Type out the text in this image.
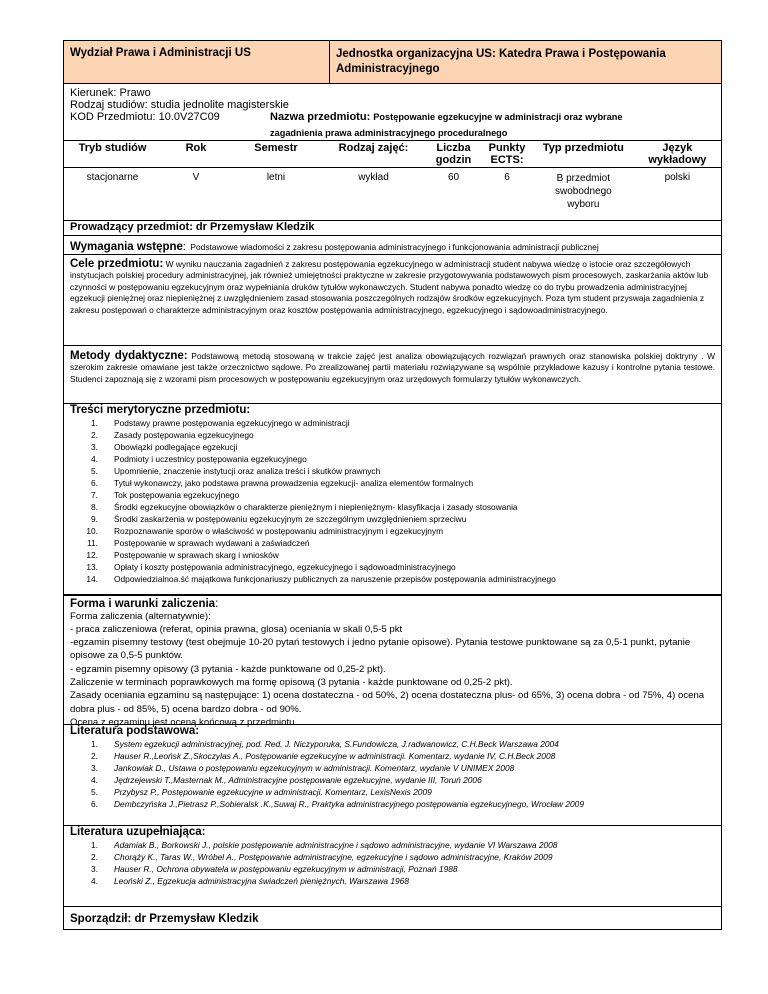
Wydział Prawa i Administracji US	Jednostka organizacyjna US: Katedra Prawa i Postępowania Administracyjnego
Kierunek: Prawo
Rodzaj studiów: studia jednolite magisterskie
KOD Przedmiotu: 10.0V27C09	Nazwa przedmiotu: Postępowanie egzekucyjne w administracji oraz wybrane
zagadnienia prawa administracyjnego proceduralnego
Tryb studiów	Rok	Semestr	Rodzaj zajęć:	Liczba godzin	Punkty ECTS:	Typ przedmiotu	Język wykładowy
stacjonarne	V	letni	wykład	60	6	B przedmiot swobodnego wyboru	polski
Prowadzący przedmiot: dr Przemysław Kledzik
Wymagania wstępne: Podstawowe wiadomości z zakresu postępowania administracyjnego i funkcjonowania administracji publicznej
Cele przedmiotu: W wyniku nauczania zagadnień z zakresu postępowania egzekucyjnego w administracji student nabywa wiedzę o istocie oraz szczegółowych instytucjach polskiej procedury administracyjnej, jak również umiejętności praktyczne w zakresie przygotowywania podstawowych pism procesowych, zaskarżania aktów lub czynności w postępowaniu egzekucyjnym oraz wypełniania druków tytułów wykonawczych. Student nabywa ponadto wiedzę co do trybu prowadzenia administracyjnej egzekucji pieniężnej oraz niepieniężnej z uwzględnieniem zasad stosowania poszczególnych rodzajów środków egzekucyjnych. Poza tym student przyswaja zagadnienia z zakresu postępowań o charakterze administracyjnym oraz kosztów postępowania administracyjnego, egzekucyjnego i sądowoadministracyjnego.
Metody dydaktyczne: Podstawową metodą stosowaną w trakcie zajęć jest analiza obowiązujących rozwiązań prawnych oraz stanowiska polskiej doktryny . W szerokim zakresie omawiane jest także orzecznictwo sądowe. Po zrealizowanej partii materiału rozwiązywane są wspólnie przykładowe kazusy i kontrolne pytania testowe. Studenci zapoznają się z wzorami pism procesowych w postępowaniu egzekucyjnym oraz urzędowych formularzy tytułów wykonawczych.
Treści merytoryczne przedmiotu:
1.	Podstawy prawne postępowania egzekucyjnego w administracji
2.	Zasady postępowania egzekucyjnego
3.	Obowiązki podlegające egzekucji
4.	Podmioty i uczestnicy postępowania egzekucyjnego
5.	Upomnienie, znaczenie instytucji oraz analiza treści i skutków prawnych
6.	Tytuł wykonawczy, jako podstawa prawna prowadzenia egzekucji- analiza elementów formalnych
7.	Tok postępowania egzekucyjnego
8.	Środki egzekucyjne obowiązków o charakterze pieniężnym i niepieniężnym- klasyfikacja i zasady stosowania
9.	Środki zaskarżenia w postępowaniu egzekucyjnym ze szczególnym uwzględnieniem sprzeciwu
10.	Rozpoznawanie sporów o właściwość w postępowaniu administracyjnym i egzekucyjnym
11.	Postępowanie w sprawach wydawani a zaświadczeń
12.	Postępowanie w sprawach skarg i wniosków
13.	Opłaty i koszty postępowania administracyjnego, egzekucyjnego i sądowoadministracyjnego
14.	Odpowiedzialnoa.ść majątkowa funkcjonariuszy publicznych za naruszenie przepisów postępowania administracyjnego
Forma i warunki zaliczenia:
Forma zaliczenia (alternatywnie):
- praca zaliczeniowa (referat, opinia prawna, glosa) oceniania w skali 0,5-5 pkt
-egzamin pisemny testowy (test obejmuje 10-20 pytań testowych i jedno pytanie opisowe). Pytania testowe punktowane są za 0,5-1 punkt, pytanie opisowe za 0,5-5 punktów.
- egzamin pisemny opisowy (3 pytania - każde punktowane od 0,25-2 pkt).
Zaliczenie w terminach poprawkowych ma formę opisową (3 pytania - każde punktowane od 0,25-2 pkt).
Zasady oceniania egzaminu są następujące: 1) ocena dostateczna - od 50%, 2) ocena dostateczna plus- od 65%, 3) ocena dobra - od 75%, 4) ocena dobra plus - od 85%, 5) ocena bardzo dobra - od 90%.
Ocena z egzaminu jest oceną końcową z przedmiotu.
Literatura podstawowa:
1.	System egzekucji administracyjnej, pod. Red. J. Niczyporuka, S.Fundowicza, J.radwanowicz, C.H.Beck Warszawa 2004
2.	Hauser R.,Leońsk Z.,Skoczylas A., Postępowanie egzekucyjne w administracji. Komentarz, wydanie IV, C.H.Beck 2008
3.	Jankowiak D., Ustawa o postępowaniu egzekucyjnym w administracji. Komentarz, wydanie V UNIMEX 2008
4.	Jędrzejewski T.,Masternak M., Administracyjne postępowanie egzekucyjne, wydanie III, Toruń 2006
5.	Przybysz P., Postępowanie egzekucyjne w administracji. Komentarz, LexisNexis 2009
6.	Dembczyńska J.,Pietrasz P.,Sobieralsk .K.,Suwaj R., Praktyka administracyjnego postępowania egzekucyjnego, Wrocław 2009
Literatura uzupełniająca:
1.	Adamiak B., Borkowski J., polskie postępowanie administracyjne i sądowo administracyjne, wydanie VI Warszawa 2008
2.	Chorąży K., Taras W., Wróbel A., Postępowanie administracyjne, egzekucyjne i sądowo administracyjne, Kraków 2009
3.	Hauser R., Ochrona obywatela w postępowaniu egzekucyjnym w administracji, Poznań 1988
4.	Leoński Z., Egzekucja administracyjna świadczeń pieniężnych, Warszawa 1968
Sporządził: dr Przemysław Kledzik
